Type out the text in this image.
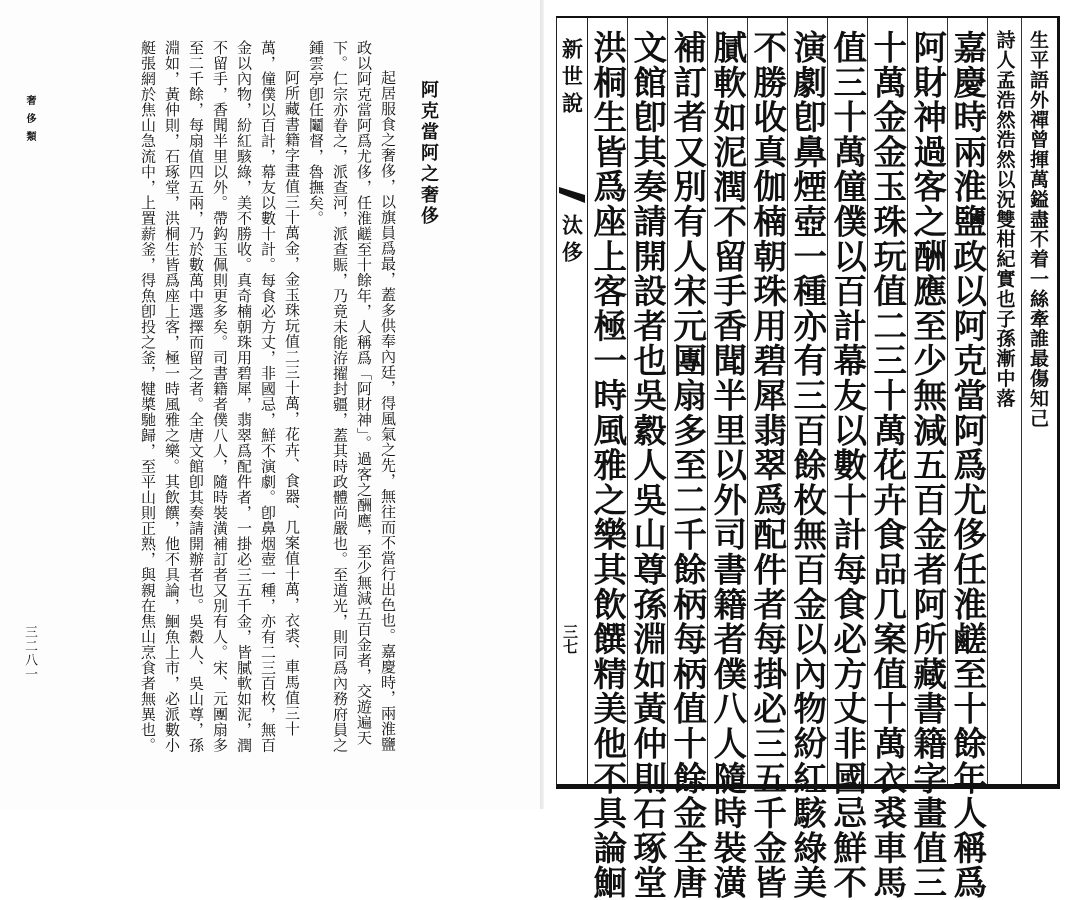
阿克當阿之奢侈

起居服食之奢侈，以旗員爲最，蓋多供奉內廷，得風氣之先，無往而不當行出色也。嘉慶時，兩淮鹽政以阿克當阿爲尤侈，任淮鹺至十餘年，人稱爲「阿財神」。過客之酬應，至少無減五百金者，交遊遍天下。仁宗亦眷之，派查河，派查賑，乃竟未能洊擢封疆，蓋其時政體尚嚴也。至道光，則同爲內務府員之鍾雲亭卽任鬮督，魯撫矣。

阿所藏書籍字畫值三十萬金，金玉珠玩值二三十萬，花卉、食器、几案值十萬，衣裘、車馬值三十萬，僮僕以百計，幕友以數十計。每食必方丈，非國忌，鮮不演劇。卽鼻烟壺一種，亦有二三百枚，無百金以內物，紛紅駭綠，美不勝收。真奇楠朝珠用碧犀，翡翠爲配件者，一掛必三五千金，皆膩軟如泥，潤不留手，香聞半里以外。帶鈎玉佩則更多矣。司書籍者僕八人，隨時裝潢補訂者又別有人。宋、元團扇多至二千餘，每扇值四五兩，乃於數萬中選擇而留之者。全唐文館卽其奏請開辦者也。吳縠人、吳山尊，孫淵如，黃仲則，石琢堂，洪桐生皆爲座上客，極一時風雅之樂。其飲饌，他不具論，鮰魚上市，必派數小艇張網於焦山急流中，上置薪釜，得魚卽投之釜，犍槳馳歸，至平山則正熟，與親在焦山烹食者無異也。

奢侈類
三二八一
新世說
汰侈
三七 洪桐生皆爲座上客極一時風雅之樂其飲饌精美他不具論鮰 文館卽其奏請開設者也吳縠人吳山尊孫淵如黃仲則石琢堂 補訂者又別有人宋元團扇多至二千餘柄每柄值十餘金全唐 膩軟如泥潤不留手香聞半里以外司書籍者僕八人隨時裝潢 不勝收真伽楠朝珠用碧犀翡翠爲配件者每掛必三五千金皆 演劇卽鼻煙壺一種亦有三百餘枚無百金以內物紛紅駭綠美 值三十萬僮僕以百計幕友以數十計每食必方丈非國忌鮮不 十萬金金玉珠玩值二三十萬花卉食品几案值十萬衣裘車馬 阿財神過客之酬應至少無減五百金者阿所藏書籍字畫值三 嘉慶時兩淮鹽政以阿克當阿爲尤侈任淮鹺至十餘年人稱爲 詩人孟浩然浩然以況雙柑紀實也子孫漸中落 生平語外禪曾揮萬鎰盡不着一絲牽誰最傷知己
